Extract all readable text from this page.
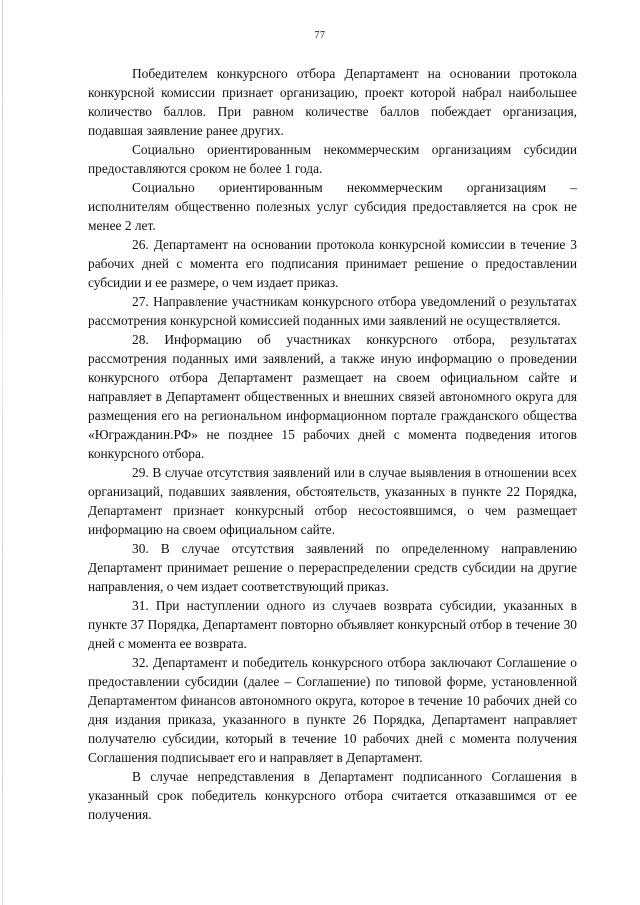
77

Победителем конкурсного отбора Департамент на основании протокола конкурсной комиссии признает организацию, проект которой набрал наибольшее количество баллов. При равном количестве баллов побеждает организация, подавшая заявление ранее других.

Социально ориентированным некоммерческим организациям субсидии предоставляются сроком не более 1 года.

Социально ориентированным некоммерческим организациям – исполнителям общественно полезных услуг субсидия предоставляется на срок не менее 2 лет.

26. Департамент на основании протокола конкурсной комиссии в течение 3 рабочих дней с момента его подписания принимает решение о предоставлении субсидии и ее размере, о чем издает приказ.

27. Направление участникам конкурсного отбора уведомлений о результатах рассмотрения конкурсной комиссией поданных ими заявлений не осуществляется.

28. Информацию об участниках конкурсного отбора, результатах рассмотрения поданных ими заявлений, а также иную информацию о проведении конкурсного отбора Департамент размещает на своем официальном сайте и направляет в Департамент общественных и внешних связей автономного округа для размещения его на региональном информационном портале гражданского общества «Югражданин.РФ» не позднее 15 рабочих дней с момента подведения итогов конкурсного отбора.

29. В случае отсутствия заявлений или в случае выявления в отношении всех организаций, подавших заявления, обстоятельств, указанных в пункте 22 Порядка, Департамент признает конкурсный отбор несостоявшимся, о чем размещает информацию на своем официальном сайте.

30. В случае отсутствия заявлений по определенному направлению Департамент принимает решение о перераспределении средств субсидии на другие направления, о чем издает соответствующий приказ.

31. При наступлении одного из случаев возврата субсидии, указанных в пункте 37 Порядка, Департамент повторно объявляет конкурсный отбор в течение 30 дней с момента ее возврата.

32. Департамент и победитель конкурсного отбора заключают Соглашение о предоставлении субсидии (далее – Соглашение) по типовой форме, установленной Департаментом финансов автономного округа, которое в течение 10 рабочих дней со дня издания приказа, указанного в пункте 26 Порядка, Департамент направляет получателю субсидии, который в течение 10 рабочих дней с момента получения Соглашения подписывает его и направляет в Департамент.

В случае непредставления в Департамент подписанного Соглашения в указанный срок победитель конкурсного отбора считается отказавшимся от ее получения.
